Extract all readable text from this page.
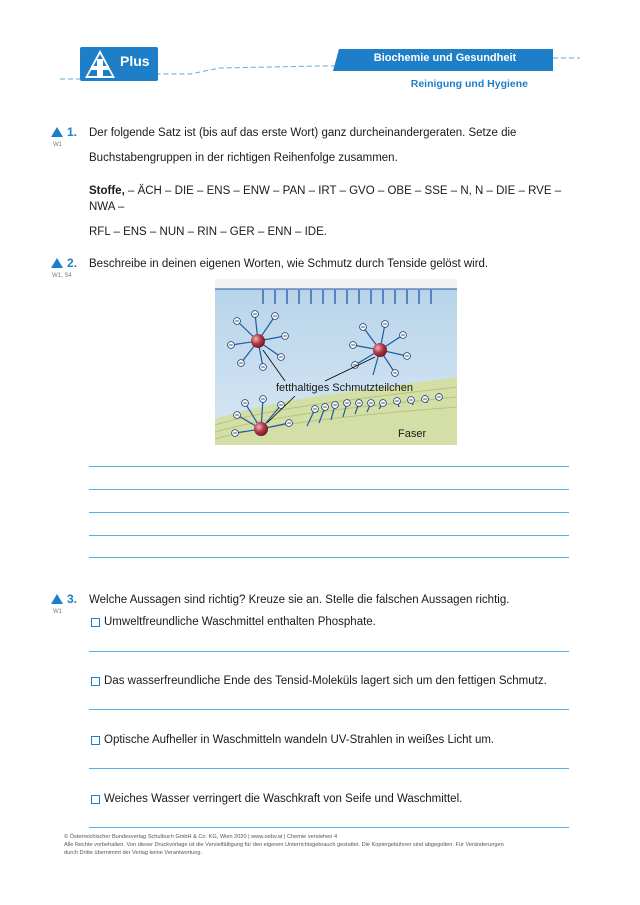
Plus	Biochemie und Gesundheit
Reinigung und Hygiene
1.
W1
Der folgende Satz ist (bis auf das erste Wort) ganz durcheinandergeraten. Setze die
Buchstabengruppen in der richtigen Reihenfolge zusammen.
Stoffe, – ÄCH – DIE – ENS – ENW – PAN – IRT – GVO – OBE – SSE – N, N – DIE – RVE – NWA –
RFL – ENS – NUN – RIN – GER – ENN – IDE.
2.
W1, S4
Beschreibe in deinen eigenen Worten, wie Schmutz durch Tenside gelöst wird.
fetthaltiges Schmutzteilchen
Faser
3.
W1
Welche Aussagen sind richtig? Kreuze sie an. Stelle die falschen Aussagen richtig.
Umweltfreundliche Waschmittel enthalten Phosphate.
Das wasserfreundliche Ende des Tensid-Moleküls lagert sich um den fettigen Schmutz.
Optische Aufheller in Waschmitteln wandeln UV-Strahlen in weißes Licht um.
Weiches Wasser verringert die Waschkraft von Seife und Waschmittel.
© Österreichischer Bundesverlag Schulbuch GmbH & Co. KG, Wien 2020 | www.oebv.at | Chemie verstehen 4
Alle Rechte vorbehalten. Von dieser Druckvorlage ist die Vervielfältigung für den eigenen Unterrichtsgebrauch gestattet. Die Kopiergebühren sind abgegolten. Für Veränderungen
durch Dritte übernimmt der Verlag keine Verantwortung.
